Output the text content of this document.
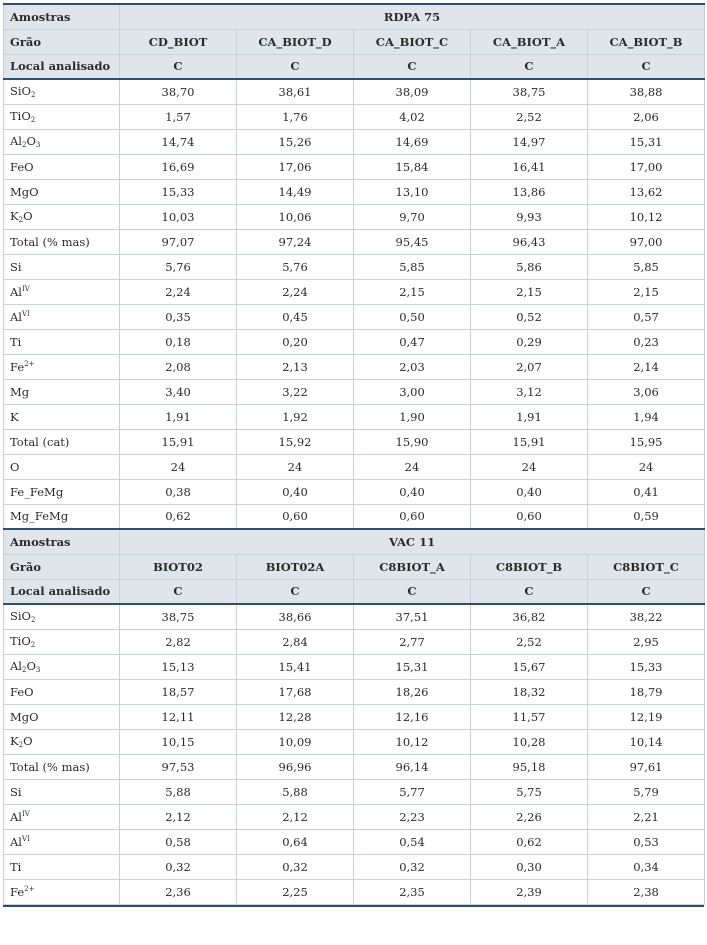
Amostras	RDPA 75				
Grão	CD_BIOT	CA_BIOT_D	CA_BIOT_C	CA_BIOT_A	CA_BIOT_B
Local analisado	C	C	C	C	C
SiO$_2$	38,70	38,61	38,09	38,75	38,88
TiO$_2$	1,57	1,76	4,02	2,52	2,06
$Al_2O_3$	14,74	15,26	14,69	14,97	15,31
FeO	16,69	17,06	15,84	16,41	17,00
MgO	15,33	14,49	13,10	13,86	13,62
$K_2O$	10,03	10,06	9,70	9,93	10,12
Total (% mas)	97,07	97,24	95,45	96,43	97,00
Si	5,76	5,76	5,85	5,86	5,85
$Al^{IV}$	2,24	2,24	2,15	2,15	2,15
$Al^{VI}$	0,35	0,45	0,50	0,52	0,57
Ti	0,18	0,20	0,47	0,29	0,23
$Fe^{2+}$	2,08	2,13	2,03	2,07	2,14
Mg	3,40	3,22	3,00	3,12	3,06
K	1,91	1,92	1,90	1,91	1,94
Total (cat)	15,91	15,92	15,90	15,91	15,95
O	24	24	24	24	24
Fe_FeMg	0,38	0,40	0,40	0,40	0,41
Mg_FeMg	0,62	0,60	0,60	0,60	0,59
Amostras	VAC 11				
Grão	BIOT02	BIOT02A	C8BIOT_A	C8BIOT_B	C8BIOT_C
Local analisado	C	C	C	C	C
SiO$_2$	38,75	38,66	37,51	36,82	38,22
TiO$_2$	2,82	2,84	2,77	2,52	2,95
$Al_2O_3$	15,13	15,41	15,31	15,67	15,33
FeO	18,57	17,68	18,26	18,32	18,79
MgO	12,11	12,28	12,16	11,57	12,19
$K_2O$	10,15	10,09	10,12	10,28	10,14
Total (% mas)	97,53	96,96	96,14	95,18	97,61
Si	5,88	5,88	5,77	5,75	5,79
$Al^{IV}$	2,12	2,12	2,23	2,26	2,21
$Al^{VI}$	0,58	0,64	0,54	0,62	0,53
Ti	0,32	0,32	0,32	0,30	0,34
$Fe^{2+}$	2,36	2,25	2,35	2,39	2,38
